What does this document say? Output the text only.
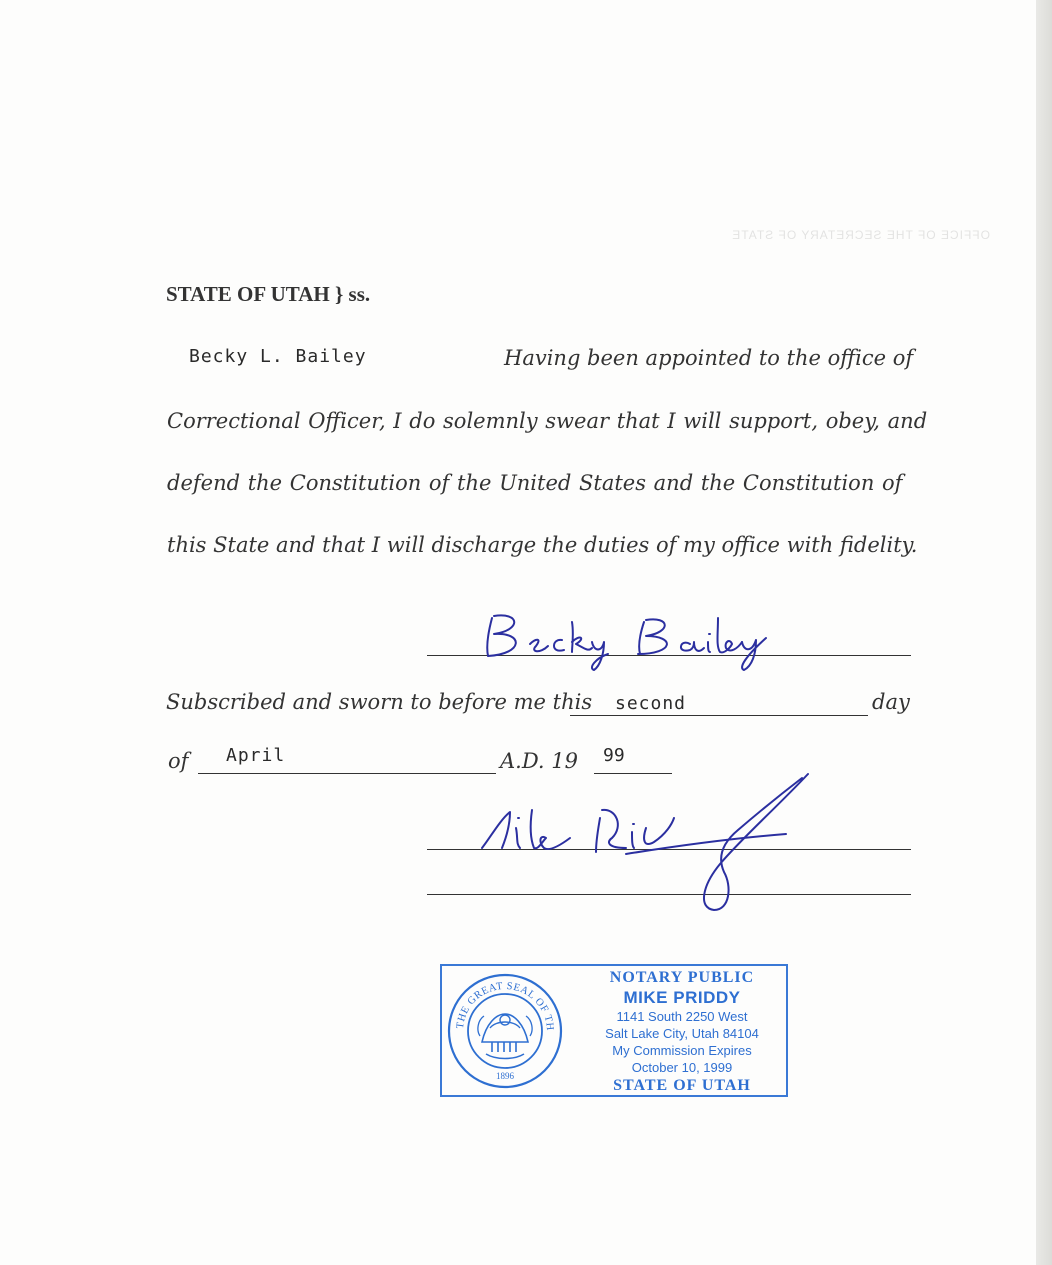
OFFICE OF THE SECRETARY OF STATE
STATE OF UTAH } ss.
Becky L. Bailey	Having been appointed to the office of
Correctional Officer, I do solemnly swear that I will support, obey, and
defend the Constitution of the United States and the Constitution of
this State and that I will discharge the duties of my office with fidelity.
Subscribed and sworn to before me this second	day
of April	A.D. 19 99
THE GREAT SEAL OF TH
1896
NOTARY PUBLIC
MIKE PRIDDY
1141 South 2250 West
Salt Lake City, Utah 84104
My Commission Expires
October 10, 1999
STATE OF UTAH
